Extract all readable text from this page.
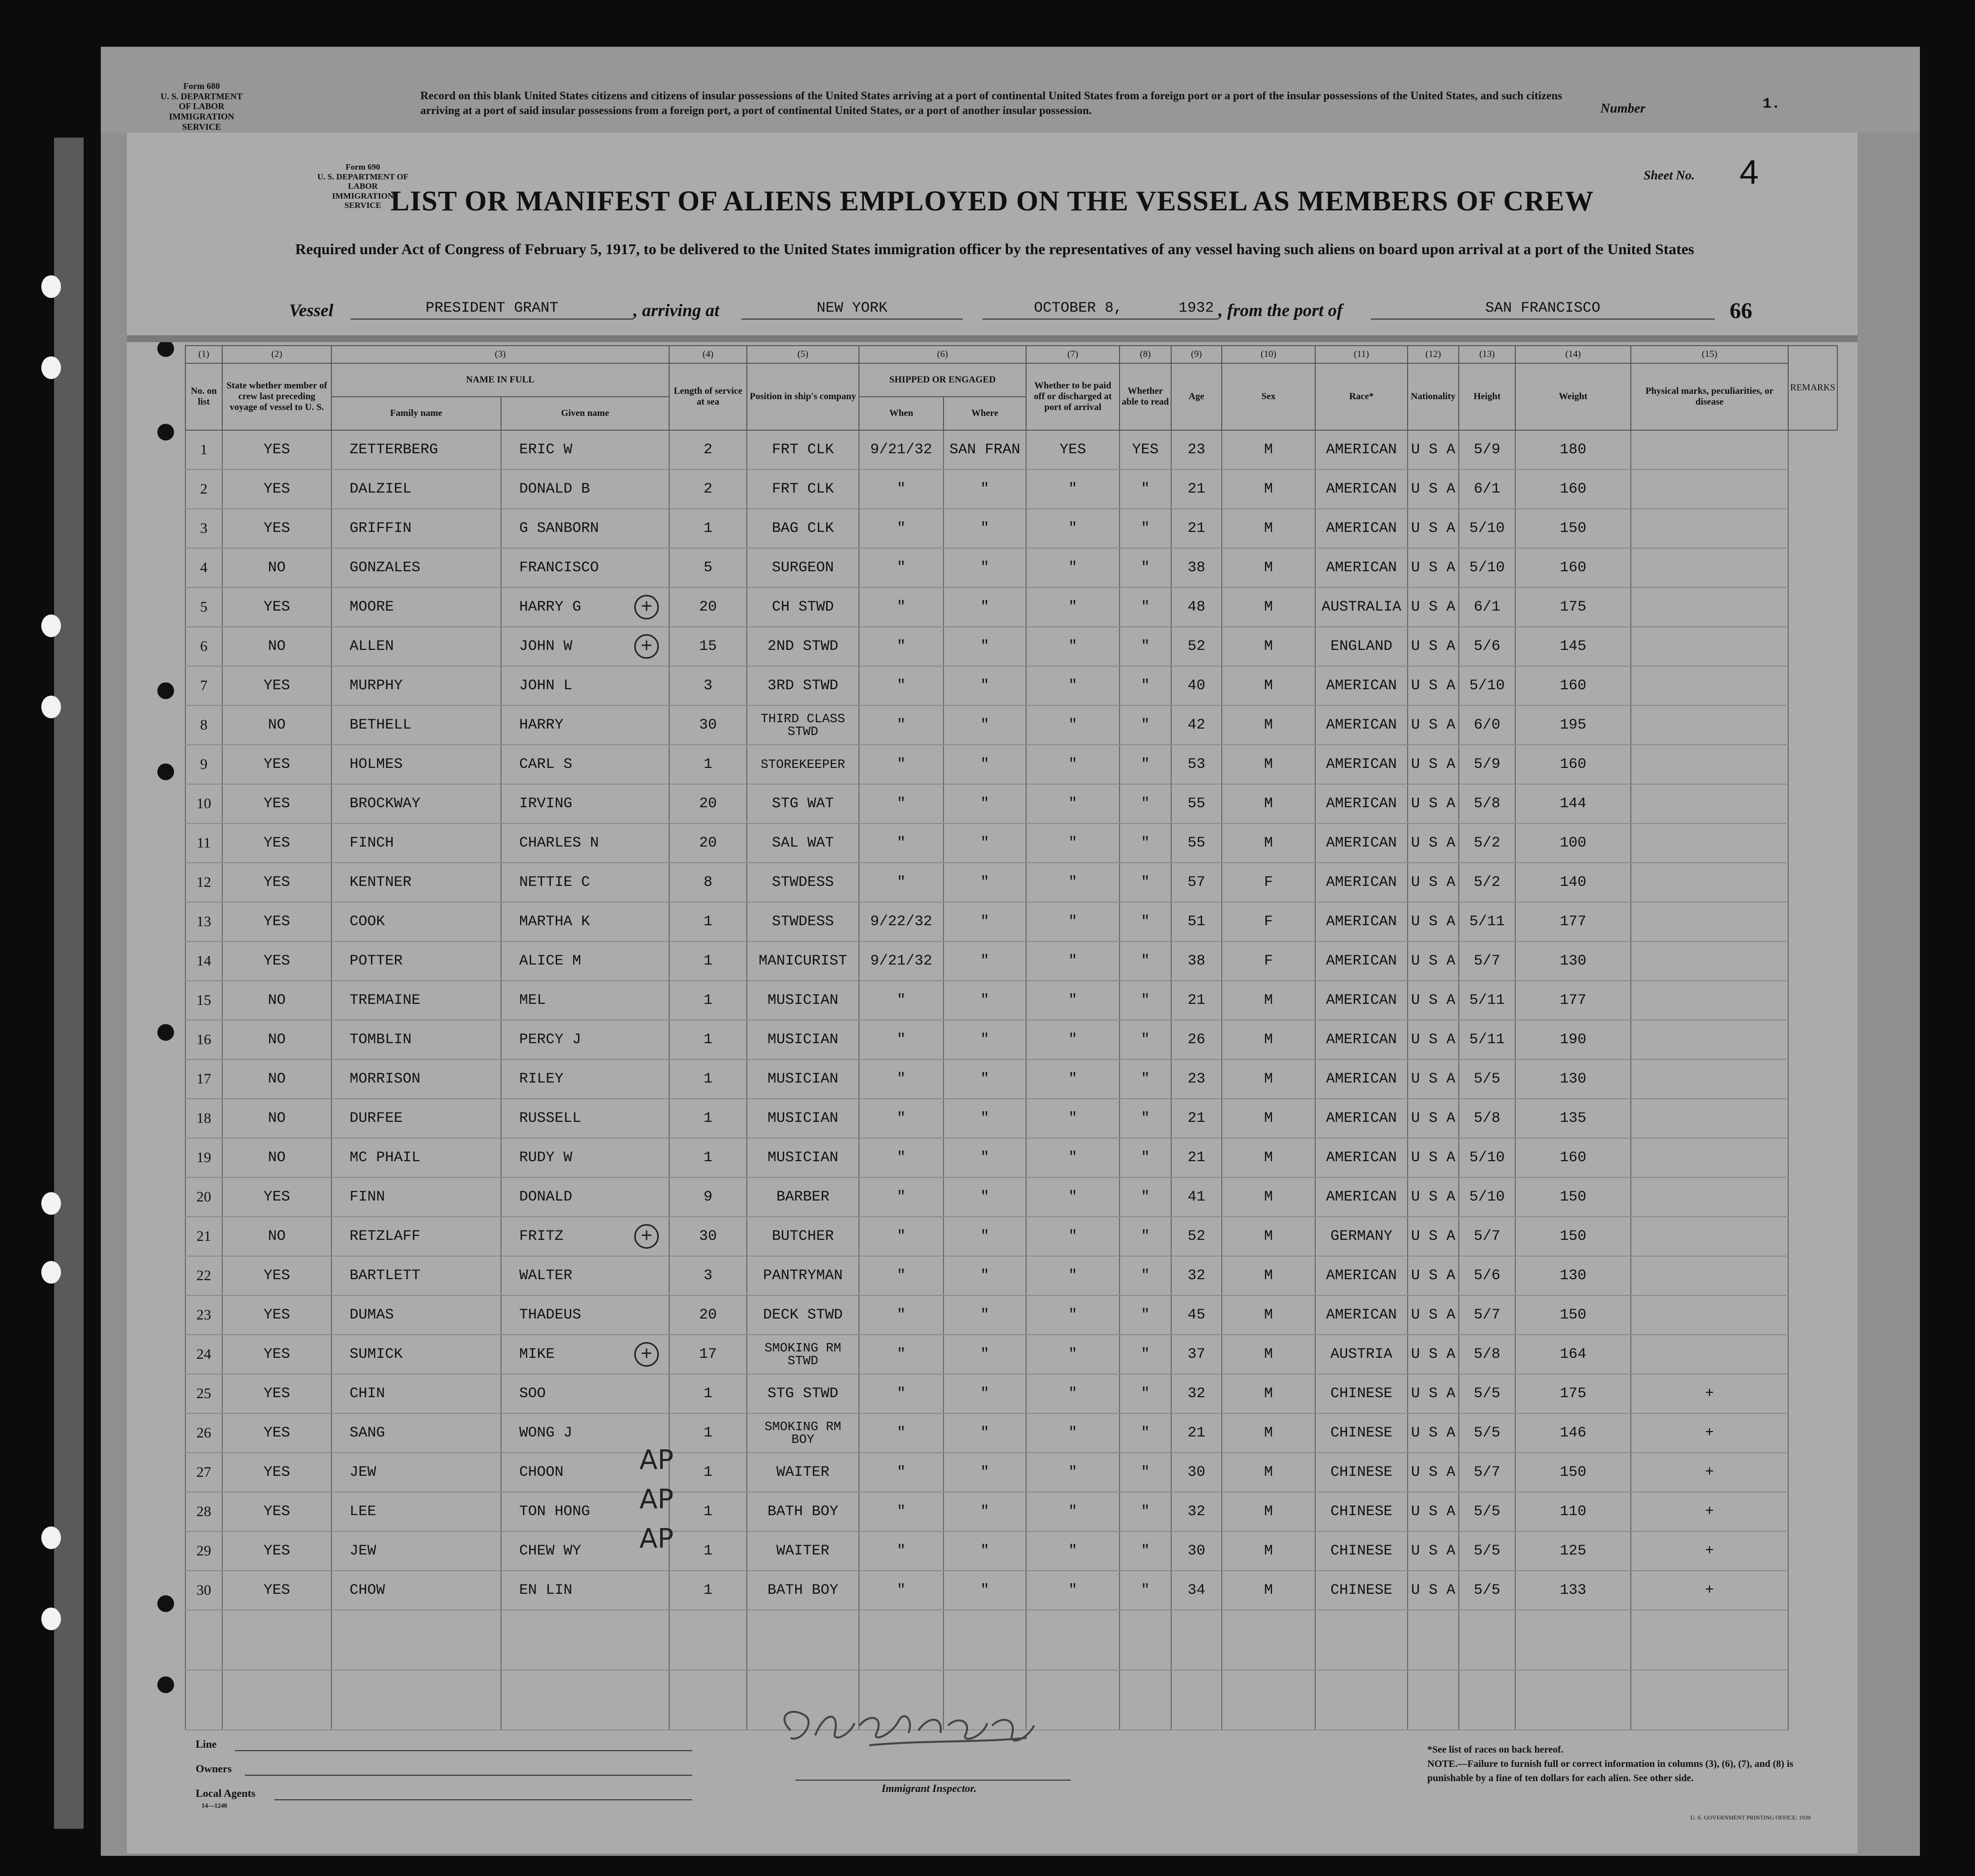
Form 680
U. S. DEPARTMENT OF LABOR
IMMIGRATION SERVICE
Record on this blank United States citizens and citizens of insular possessions of the United States arriving at a port of continental United States from a foreign port or a port of the insular possessions of the United States, and such citizens arriving at a port of said insular possessions from a foreign port, a port of continental United States, or a port of another insular possession.	Number	1.
Form 690
U. S. DEPARTMENT OF LABOR
IMMIGRATION SERVICE
Sheet No. 4
LIST OR MANIFEST OF ALIENS EMPLOYED ON THE VESSEL AS MEMBERS OF CREW
Required under Act of Congress of February 5, 1917, to be delivered to the United States immigration officer by the representatives of any vessel having such aliens on board upon arrival at a port of the United States
Vessel	PRESIDENT GRANT	, arriving at	NEW YORK	OCTOBER 8,	1932 , from the port of	SAN FRANCISCO	66
(1)	(2)	(3)		(4)	(5)	(6)		(7)	(8)	(9)	(10)	(11)	(12)	(13)	(14)	(15)	REMARKS
No. on list	State whether member of crew last preceding voyage of vessel to U. S.	NAME IN FULL		Length of service at sea	Position in ship's company	SHIPPED OR ENGAGED		Whether to be paid off or discharged at port of arrival	Whether able to read	Age	Sex	Race*	Nationality	Height	Weight	Physical marks, peculiarities, or disease	
		Family name	Given name			When	Where										
1	YES	ZETTERBERG	ERIC W	2	FRT CLK	9/21/32	SAN FRAN	YES	YES	23	M	AMERICAN	U S A	5/9	180		
2	YES	DALZIEL	DONALD B	2	FRT CLK	"	"	"	"	21	M	AMERICAN	U S A	6/1	160		
3	YES	GRIFFIN	G SANBORN	1	BAG CLK	"	"	"	"	21	M	AMERICAN	U S A	5/10	150		
4	NO	GONZALES	FRANCISCO	5	SURGEON	"	"	"	"	38	M	AMERICAN	U S A	5/10	160		
5	YES	MOORE	HARRY G +	20	CH STWD	"	"	"	"	48	M	AUSTRALIA	U S A	6/1	175		
6	NO	ALLEN	JOHN W +	15	2ND STWD	"	"	"	"	52	M	ENGLAND	U S A	5/6	145		
7	YES	MURPHY	JOHN L	3	3RD STWD	"	"	"	"	40	M	AMERICAN	U S A	5/10	160		
8	NO	BETHELL	HARRY	30	THIRD CLASS STWD	"	"	"	"	42	M	AMERICAN	U S A	6/0	195		
9	YES	HOLMES	CARL S	1	STOREKEEPER	"	"	"	"	53	M	AMERICAN	U S A	5/9	160		
10	YES	BROCKWAY	IRVING	20	STG WAT	"	"	"	"	55	M	AMERICAN	U S A	5/8	144		
11	YES	FINCH	CHARLES N	20	SAL WAT	"	"	"	"	55	M	AMERICAN	U S A	5/2	100		
12	YES	KENTNER	NETTIE C	8	STWDESS	"	"	"	"	57	F	AMERICAN	U S A	5/2	140		
13	YES	COOK	MARTHA K	1	STWDESS	9/22/32	"	"	"	51	F	AMERICAN	U S A	5/11	177		
14	YES	POTTER	ALICE M	1	MANICURIST	9/21/32	"	"	"	38	F	AMERICAN	U S A	5/7	130		
15	NO	TREMAINE	MEL	1	MUSICIAN	"	"	"	"	21	M	AMERICAN	U S A	5/11	177		
16	NO	TOMBLIN	PERCY J	1	MUSICIAN	"	"	"	"	26	M	AMERICAN	U S A	5/11	190		
17	NO	MORRISON	RILEY	1	MUSICIAN	"	"	"	"	23	M	AMERICAN	U S A	5/5	130		
18	NO	DURFEE	RUSSELL	1	MUSICIAN	"	"	"	"	21	M	AMERICAN	U S A	5/8	135		
19	NO	MC PHAIL	RUDY W	1	MUSICIAN	"	"	"	"	21	M	AMERICAN	U S A	5/10	160		
20	YES	FINN	DONALD	9	BARBER	"	"	"	"	41	M	AMERICAN	U S A	5/10	150		
21	NO	RETZLAFF	FRITZ +	30	BUTCHER	"	"	"	"	52	M	GERMANY	U S A	5/7	150		
22	YES	BARTLETT	WALTER	3	PANTRYMAN	"	"	"	"	32	M	AMERICAN	U S A	5/6	130		
23	YES	DUMAS	THADEUS	20	DECK STWD	"	"	"	"	45	M	AMERICAN	U S A	5/7	150		
24	YES	SUMICK	MIKE +	17	SMOKING RM STWD	"	"	"	"	37	M	AUSTRIA	U S A	5/8	164		
25	YES	CHIN	SOO	1	STG STWD	"	"	"	"	32	M	CHINESE	U S A	5/5	175	+	
26	YES	SANG	WONG J	1	SMOKING RM BOY	"	"	"	"	21	M	CHINESE	U S A	5/5	146	+	
27	YES	JEW	CHOON AP	1	WAITER	"	"	"	"	30	M	CHINESE	U S A	5/7	150	+	
28	YES	LEE	TON HONG AP	1	BATH BOY	"	"	"	"	32	M	CHINESE	U S A	5/5	110	+	
29	YES	JEW	CHEW WY AP	1	WAITER	"	"	"	"	30	M	CHINESE	U S A	5/5	125	+	
30	YES	CHOW	EN LIN	1	BATH BOY	"	"	"	"	34	M	CHINESE	U S A	5/5	133	+	

Line
Owners
Local Agents
14—1240
Immigrant Inspector.
*See list of races on back hereof.
NOTE.—Failure to furnish full or correct information in columns (3), (6), (7), and (8) is punishable by a fine of ten dollars for each alien. See other side.
U. S. GOVERNMENT PRINTING OFFICE: 1930
